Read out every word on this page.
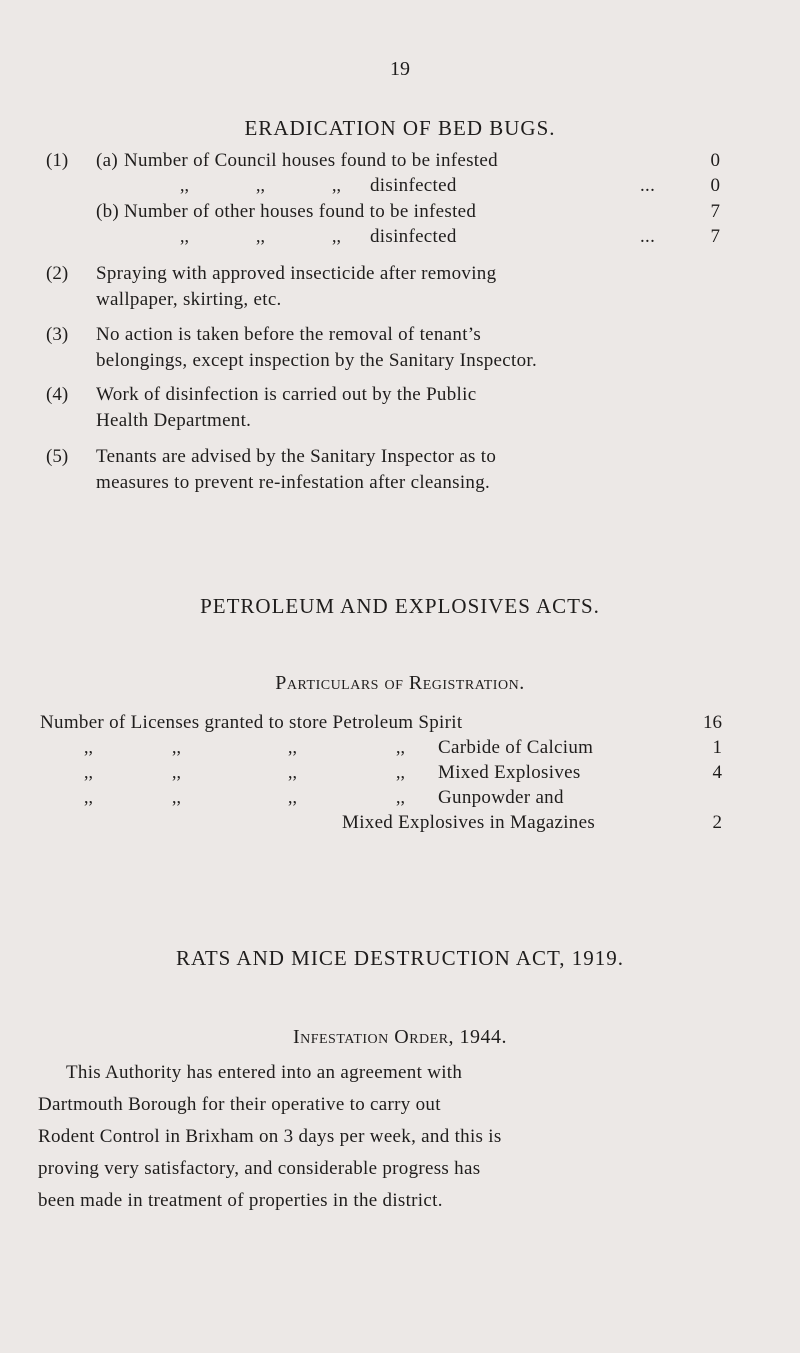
19
ERADICATION OF BED BUGS.
(1) (a) Number of Council houses found to be infested	0
,,	,,	,, disinfected	...	0
(b) Number of other houses found to be infested	7
,,	,,	,, disinfected	...	7
(2) Spraying with approved insecticide after removing
wallpaper, skirting, etc.
(3) No action is taken before the removal of tenant’s
belongings, except inspection by the Sanitary Inspector.
(4) Work of disinfection is carried out by the Public
Health Department.
(5) Tenants are advised by the Sanitary Inspector as to
measures to prevent re-infestation after cleansing.
PETROLEUM AND EXPLOSIVES ACTS.
Particulars of Registration.
Number of Licenses granted to store Petroleum Spirit	16
,,	,,	,,	,, Carbide of Calcium	1
,,	,,	,,	,, Mixed Explosives	4
,,	,,	,,	,, Gunpowder and
Mixed Explosives in Magazines	2
RATS AND MICE DESTRUCTION ACT, 1919.
Infestation Order, 1944.
This Authority has entered into an agreement with
Dartmouth Borough for their operative to carry out
Rodent Control in Brixham on 3 days per week, and this is
proving very satisfactory, and considerable progress has
been made in treatment of properties in the district.
